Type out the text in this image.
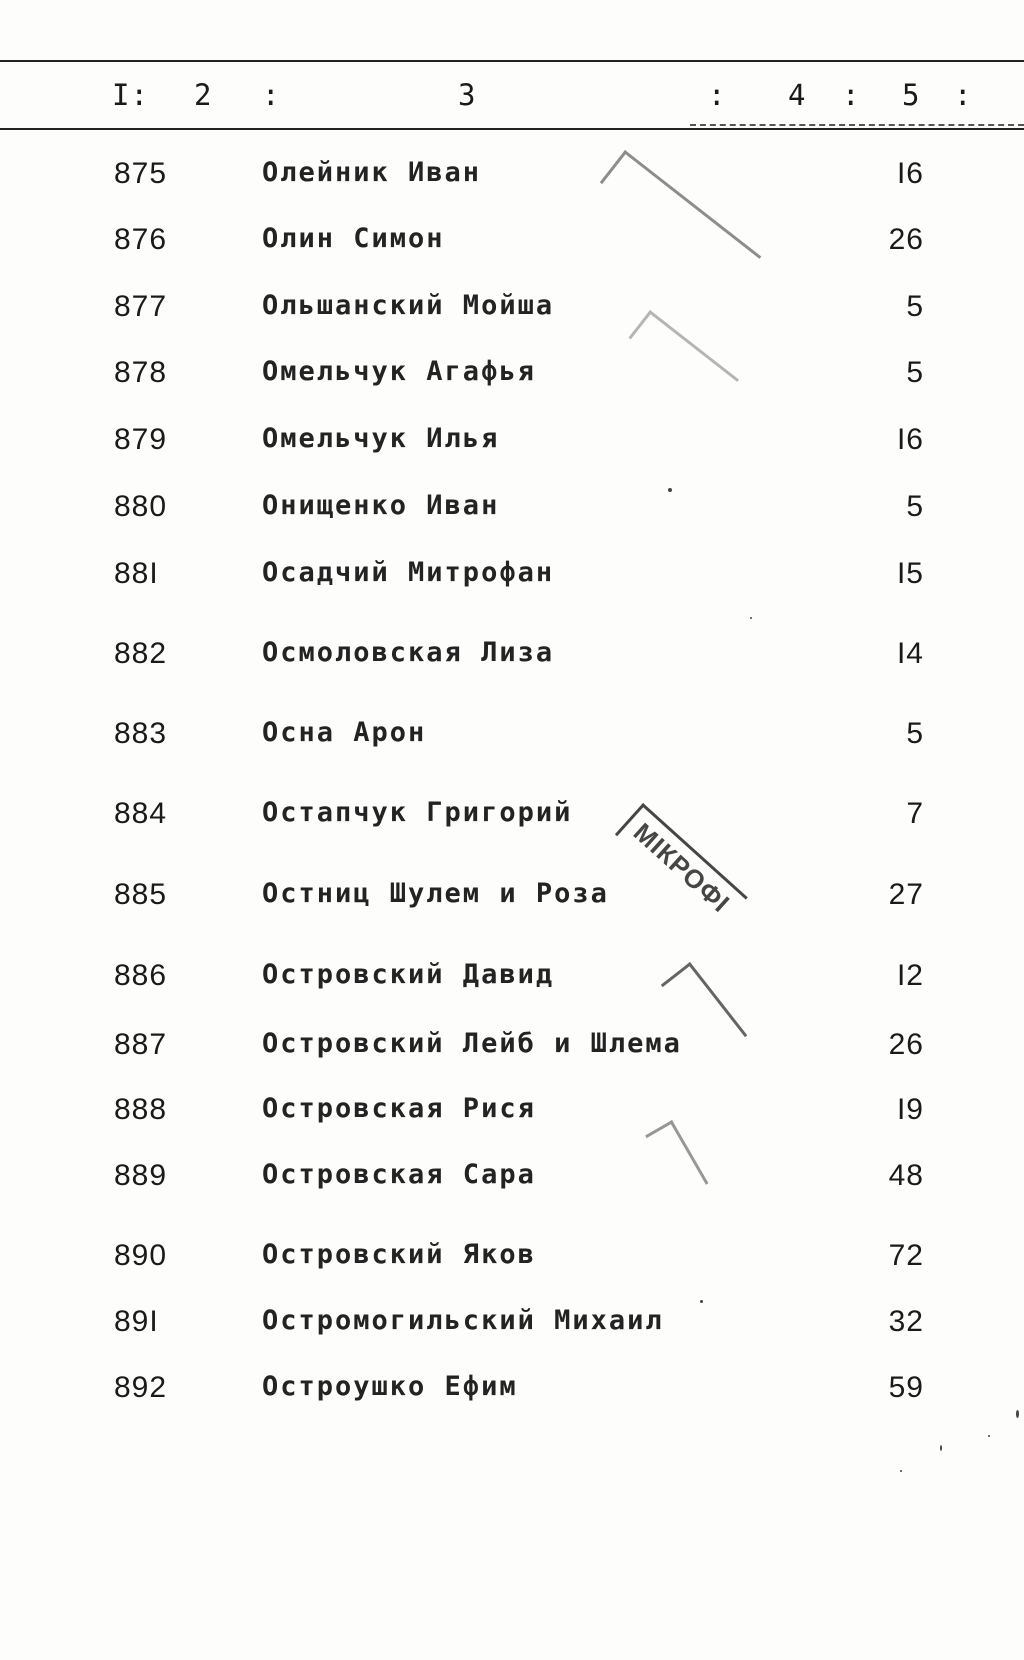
I: 2 :	3	: 4 : 5 :
875	Олейник Иван	I6
876	Олин Симон	26
877	Ольшанский Мойша	5
878	Омельчук Агафья	5
879	Омельчук Илья	I6
880	Онищенко Иван	5
88I	Осадчий Митрофан	I5
882	Осмоловская Лиза	I4
883	Осна Арон	5
884	Остапчук Григорий	7
885	Остниц Шулем и Роза	27
886	Островский Давид	I2
887	Островский Лейб и Шлема	26
888	Островская Рися	I9
889	Островская Сара	48
890	Островский Яков	72
89I	Остромогильский Михаил	32
892	Остроушко Ефим	59
МІКРОФІ
